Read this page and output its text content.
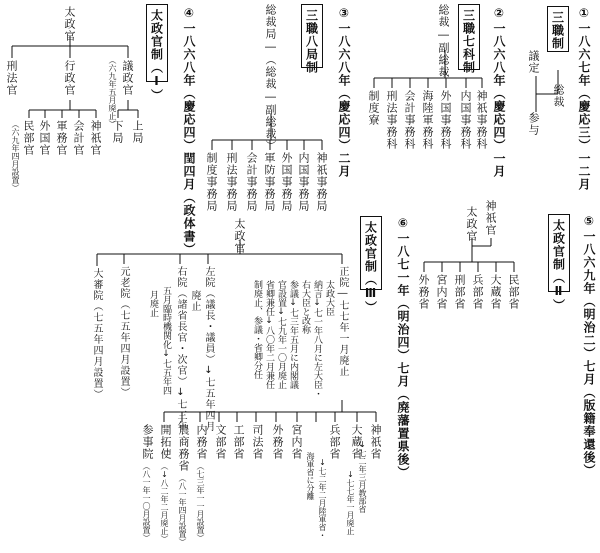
①
一八六七年（慶応三）一二月
三職制
総裁
議定
参与
②
一八六八年（慶応四）一月
三職七科制
総裁―副総裁
神祇事務科
内国事務科
外国事務科
海陸軍務科
会計事務科
刑法事務科
制度寮
③
一八六八年（慶応四）二月
三職八局制
総裁局―（総裁―副総裁）
神祇事務局
内国事務局
外国事務局
軍防事務局
会計事務局
刑法事務局
制度事務局
④
一八六八年（慶応四）閏四月（政体書）
太政官制（Ⅰ）
太政官
議政官
（六九年五月廃止）
行政官
刑法官
上局
下局
神祇官
会計官
軍務官
外国官
民部官
（六九年四月設置）
⑤
一八六九年（明治二）七月（版籍奉還後）
太政官制（Ⅱ）
神祇官
太政官
民部省
大蔵省
兵部省
刑部省
宮内省
外務省
⑥
一八七一年（明治四）七月（廃藩置県後）
太政官制（Ⅲ）
太政官
正院―七七年一月廃止
太政大臣
納言↓七一年八月に左大臣・
右大臣と改称
参議↓七三年五月に内閣議
官設置↓七九年一〇月廃止
省卿兼任↓八〇年二月兼任
制廃止、参議・省卿分任
左院（議長・議員）↓七五年四月
廃止
右院（諸省長官・次官）↓七三年
五月臨時機関化↓七五年四
月廃止
元老院（七五年四月設置）
大審院（七五年四月設置）
神祇省
↓七二年三月教部省
↓七七年一月廃止
大蔵省
兵部省
↓七二年二月陸軍省・
海軍省に分離
宮内省
外務省
司法省
工部省
文部省
内務省
（七三年一一月設置）
農商務省
（八一年四月設置）
開拓使
（↓八二年二月廃止）
参事院
（八一年一〇月設置）
